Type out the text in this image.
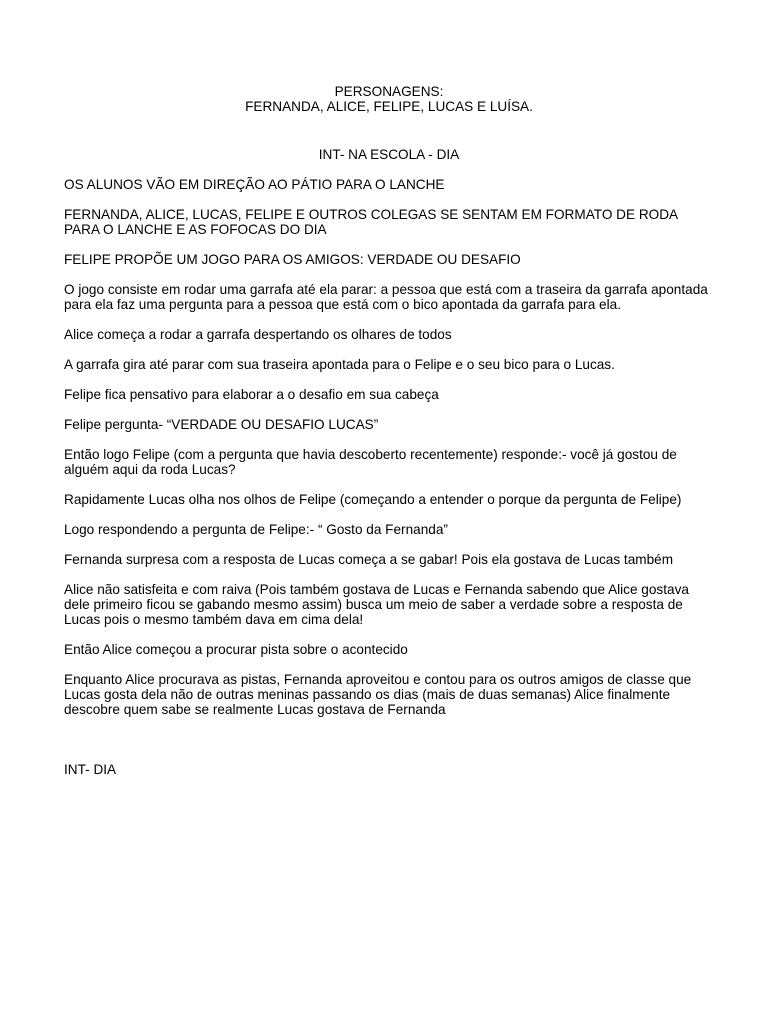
PERSONAGENS:
FERNANDA, ALICE, FELIPE, LUCAS E LUÍSA.
INT- NA ESCOLA - DIA

OS ALUNOS VÃO EM DIREÇÃO AO PÁTIO PARA O LANCHE

FERNANDA, ALICE, LUCAS, FELIPE E OUTROS COLEGAS SE SENTAM EM FORMATO DE RODA PARA O LANCHE E AS FOFOCAS DO DIA

FELIPE PROPÕE UM JOGO PARA OS AMIGOS: VERDADE OU DESAFIO

O jogo consiste em rodar uma garrafa até ela parar: a pessoa que está com a traseira da garrafa apontada para ela faz uma pergunta para a pessoa que está com o bico apontada da garrafa para ela.

Alice começa a rodar a garrafa despertando os olhares de todos

A garrafa gira até parar com sua traseira apontada para o Felipe e o seu bico para o Lucas.

Felipe fica pensativo para elaborar a o desafio em sua cabeça

Felipe pergunta- “VERDADE OU DESAFIO LUCAS”

Então logo Felipe (com a pergunta que havia descoberto recentemente) responde:- você já gostou de alguém aqui da roda Lucas?

Rapidamente Lucas olha nos olhos de Felipe (começando a entender o porque da pergunta de Felipe)

Logo respondendo a pergunta de Felipe:- “ Gosto da Fernanda”

Fernanda surpresa com a resposta de Lucas começa a se gabar! Pois ela gostava de Lucas também

Alice não satisfeita e com raiva (Pois também gostava de Lucas e Fernanda sabendo que Alice gostava dele primeiro ficou se gabando mesmo assim) busca um meio de saber a verdade sobre a resposta de Lucas pois o mesmo também dava em cima dela!

Então Alice começou a procurar pista sobre o acontecido

Enquanto Alice procurava as pistas, Fernanda aproveitou e contou para os outros amigos de classe que Lucas gosta dela não de outras meninas passando os dias (mais de duas semanas) Alice finalmente descobre quem sabe se realmente Lucas gostava de Fernanda

INT- DIA
